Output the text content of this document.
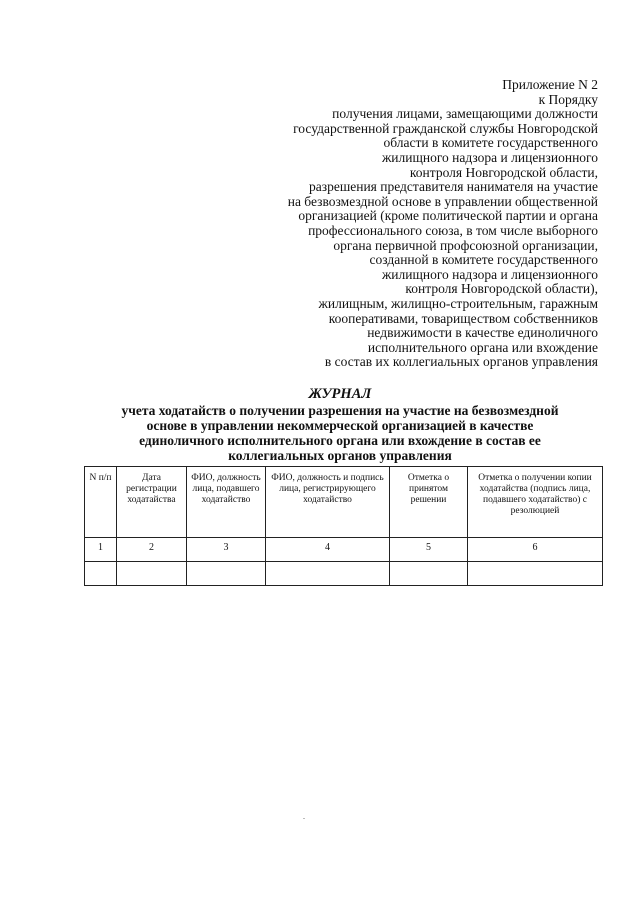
Приложение N 2
к Порядку
получения лицами, замещающими должности
государственной гражданской службы Новгородской
области в комитете государственного
жилищного надзора и лицензионного
контроля Новгородской области,
разрешения представителя нанимателя на участие
на безвозмездной основе в управлении общественной
организацией (кроме политической партии и органа
профессионального союза, в том числе выборного
органа первичной профсоюзной организации,
созданной в комитете государственного
жилищного надзора и лицензионного
контроля Новгородской области),
жилищным, жилищно-строительным, гаражным
кооперативами, товариществом собственников
недвижимости в качестве единоличного
исполнительного органа или вхождение
в состав их коллегиальных органов управления
ЖУРНАЛ
учета ходатайств о получении разрешения на участие на безвозмездной
основе в управлении некоммерческой организацией в качестве
единоличного исполнительного органа или вхождение в состав ее
коллегиальных органов управления
N п/п	Дата регистрации ходатайства	ФИО, должность лица, подавшего ходатайство	ФИО, должность и подпись лица, регистрирующего ходатайство	Отметка о принятом решении	Отметка о получении копии ходатайства (подпись лица, подавшего ходатайство) с резолюцией
1	2	3	4	5	6
